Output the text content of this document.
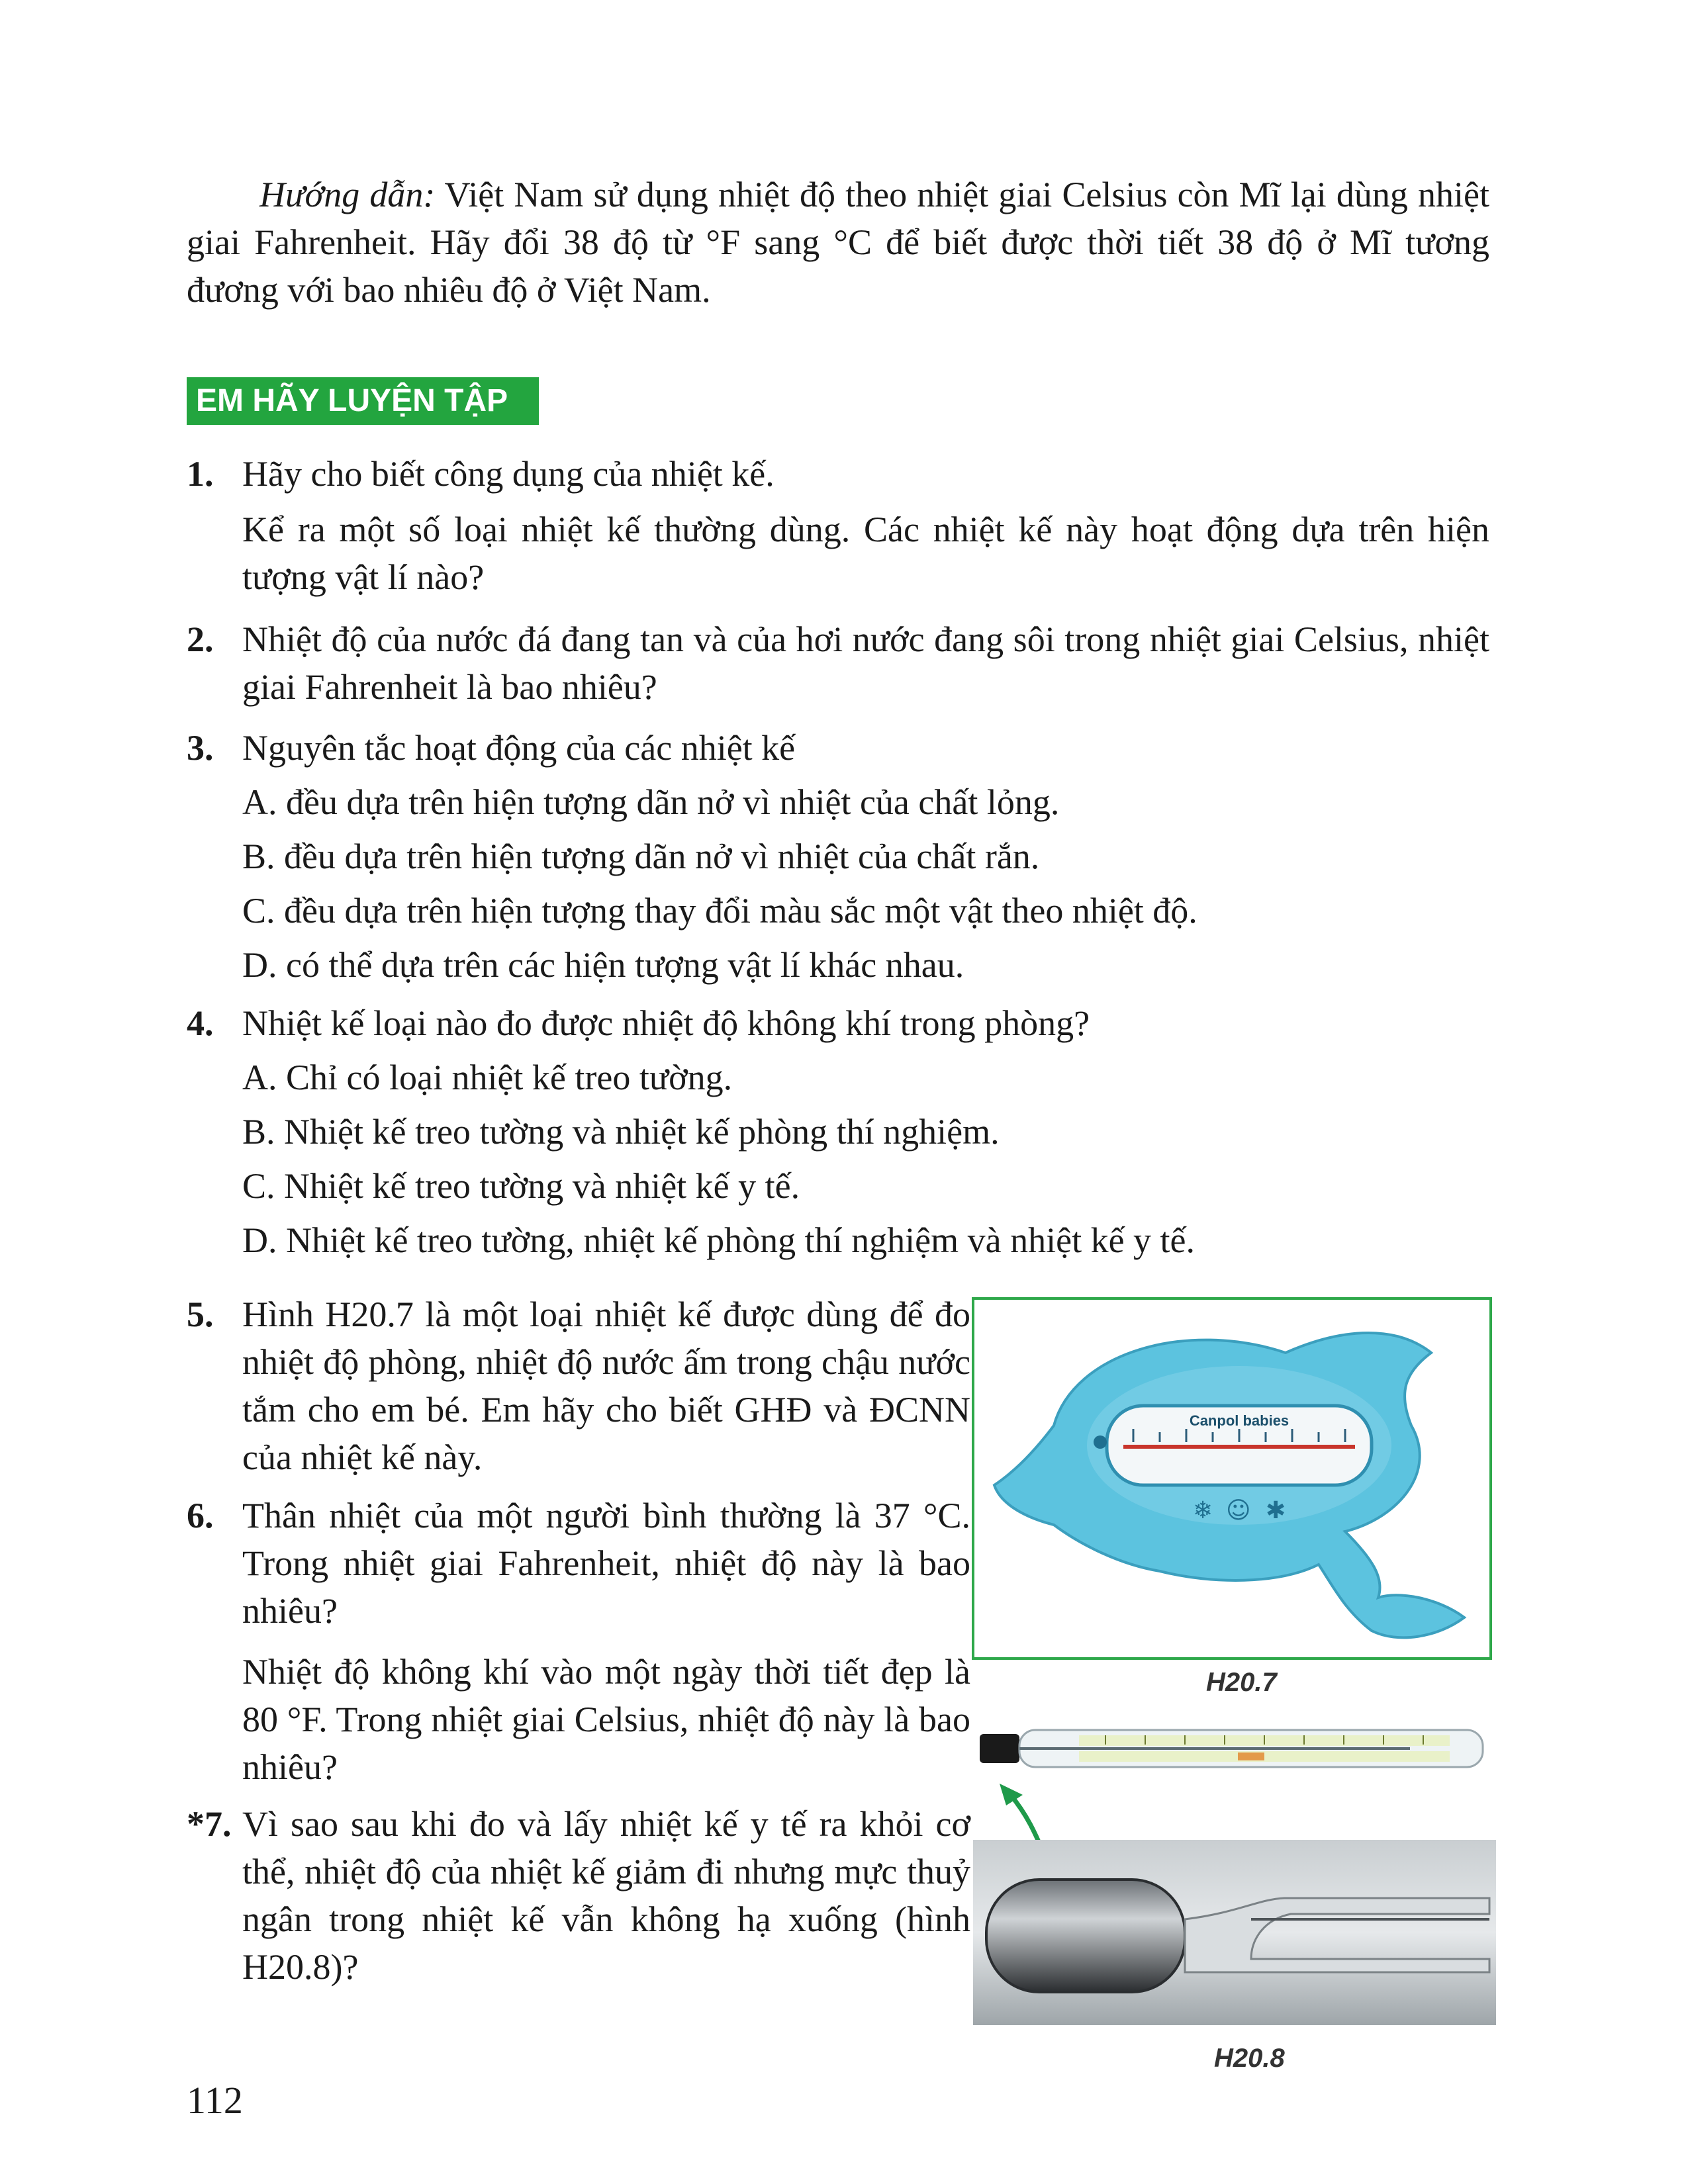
Hướng dẫn: Việt Nam sử dụng nhiệt độ theo nhiệt giai Celsius còn Mĩ lại dùng nhiệt giai Fahrenheit. Hãy đổi 38 độ từ °F sang °C để biết được thời tiết 38 độ ở Mĩ tương đương với bao nhiêu độ ở Việt Nam.
EM HÃY LUYỆN TẬP
1. Hãy cho biết công dụng của nhiệt kế.
Kể ra một số loại nhiệt kế thường dùng. Các nhiệt kế này hoạt động dựa trên hiện tượng vật lí nào?
2. Nhiệt độ của nước đá đang tan và của hơi nước đang sôi trong nhiệt giai Celsius, nhiệt giai Fahrenheit là bao nhiêu?
3. Nguyên tắc hoạt động của các nhiệt kế
A. đều dựa trên hiện tượng dãn nở vì nhiệt của chất lỏng.
B. đều dựa trên hiện tượng dãn nở vì nhiệt của chất rắn.
C. đều dựa trên hiện tượng thay đổi màu sắc một vật theo nhiệt độ.
D. có thể dựa trên các hiện tượng vật lí khác nhau.
4. Nhiệt kế loại nào đo được nhiệt độ không khí trong phòng?
A. Chỉ có loại nhiệt kế treo tường.
B. Nhiệt kế treo tường và nhiệt kế phòng thí nghiệm.
C. Nhiệt kế treo tường và nhiệt kế y tế.
D. Nhiệt kế treo tường, nhiệt kế phòng thí nghiệm và nhiệt kế y tế.
5. Hình H20.7 là một loại nhiệt kế được dùng để đo nhiệt độ phòng, nhiệt độ nước ấm trong chậu nước tắm cho em bé. Em hãy cho biết GHĐ và ĐCNN của nhiệt kế này.
6. Thân nhiệt của một người bình thường là 37 °C. Trong nhiệt giai Fahrenheit, nhiệt độ này là bao nhiêu?
Nhiệt độ không khí vào một ngày thời tiết đẹp là 80 °F. Trong nhiệt giai Celsius, nhiệt độ này là bao nhiêu?
*7. Vì sao sau khi đo và lấy nhiệt kế y tế ra khỏi cơ thể, nhiệt độ của nhiệt kế giảm đi nhưng mực thuỷ ngân trong nhiệt kế vẫn không hạ xuống (hình H20.8)?
Canpol babies
❄ ☺ ✱
H20.7
H20.8
112
